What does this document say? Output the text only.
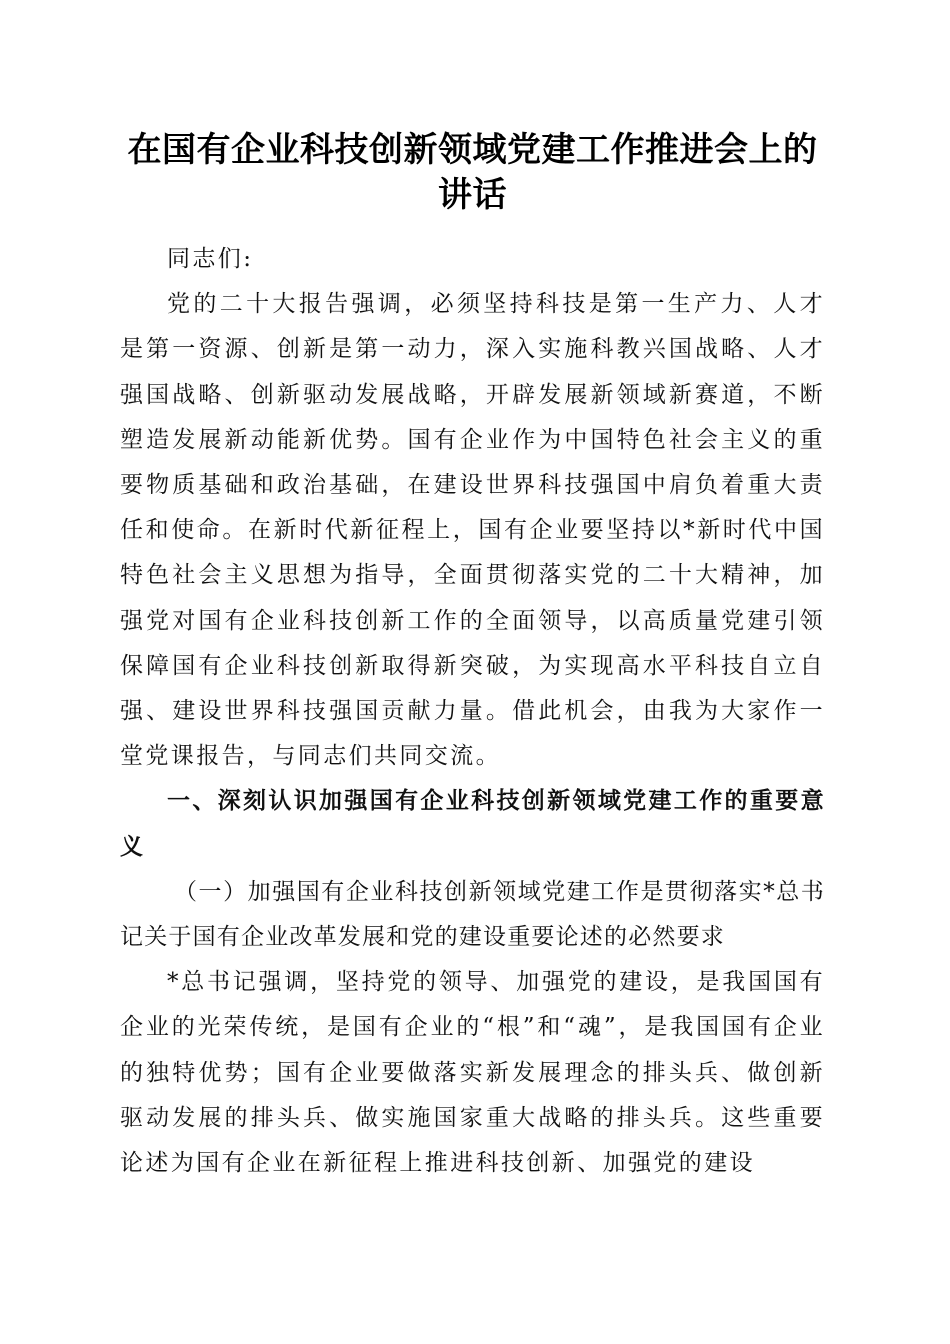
在国有企业科技创新领域党建工作推进会上的
讲话

同志们:

党的二十大报告强调，必须坚持科技是第一生产力、人才是第一资源、创新是第一动力，深入实施科教兴国战略、人才强国战略、创新驱动发展战略，开辟发展新领域新赛道，不断塑造发展新动能新优势。国有企业作为中国特色社会主义的重要物质基础和政治基础，在建设世界科技强国中肩负着重大责任和使命。在新时代新征程上，国有企业要坚持以*新时代中国特色社会主义思想为指导，全面贯彻落实党的二十大精神，加强党对国有企业科技创新工作的全面领导，以高质量党建引领保障国有企业科技创新取得新突破，为实现高水平科技自立自强、建设世界科技强国贡献力量。借此机会，由我为大家作一堂党课报告，与同志们共同交流。

一、深刻认识加强国有企业科技创新领域党建工作的重要意义

（一）加强国有企业科技创新领域党建工作是贯彻落实*总书记关于国有企业改革发展和党的建设重要论述的必然要求

*总书记强调，坚持党的领导、加强党的建设，是我国国有企业的光荣传统，是国有企业的“根”和“魂”，是我国国有企业的独特优势；国有企业要做落实新发展理念的排头兵、做创新驱动发展的排头兵、做实施国家重大战略的排头兵。这些重要论述为国有企业在新征程上推进科技创新、加强党的建设
